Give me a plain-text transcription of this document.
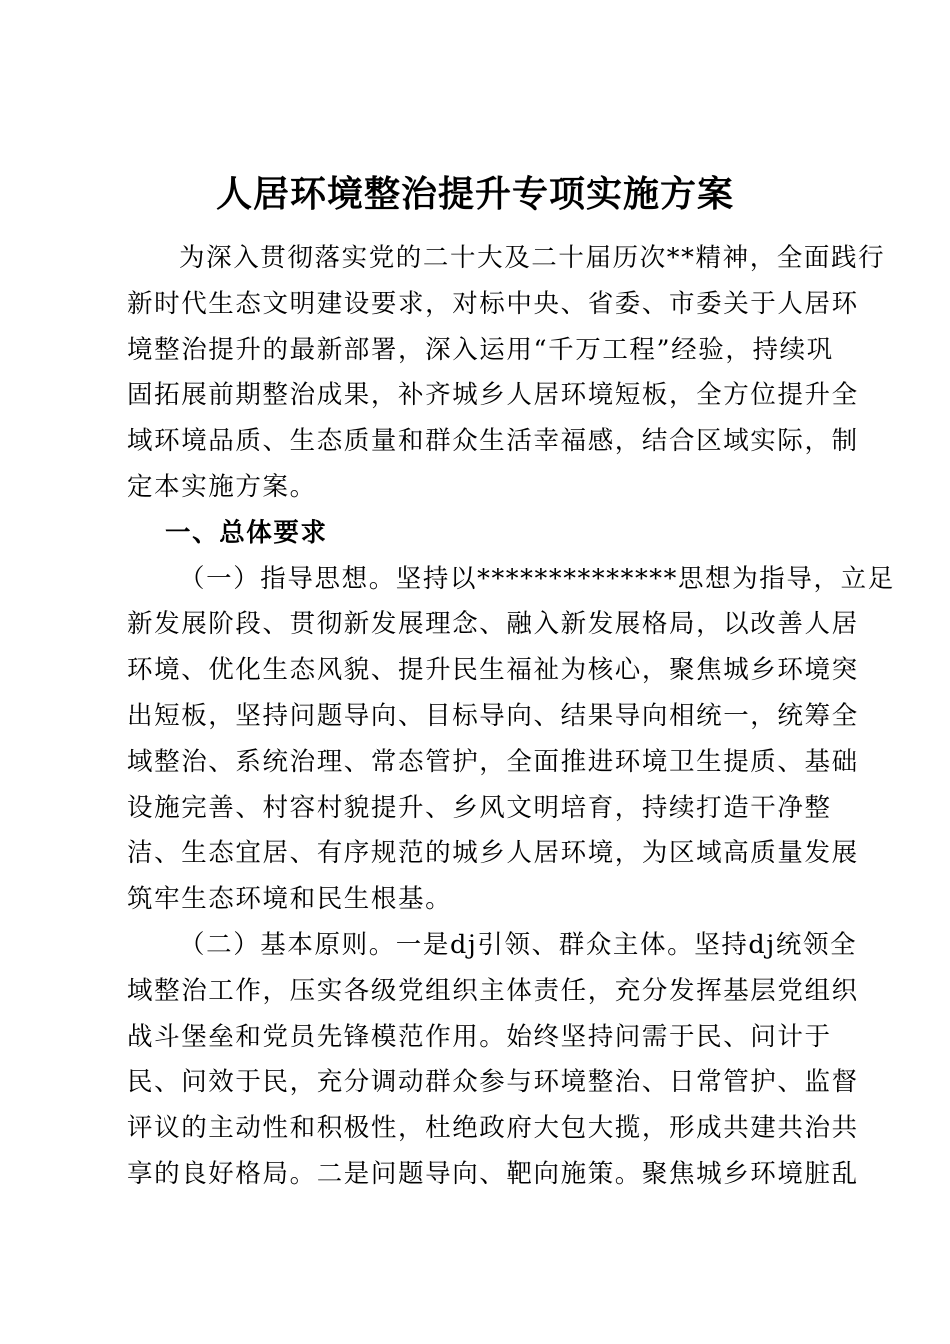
人居环境整治提升专项实施方案
为深入贯彻落实党的二十大及二十届历次**精神，全面践行
新时代生态文明建设要求，对标中央、省委、市委关于人居环
境整治提升的最新部署，深入运用“千万工程”经验，持续巩
固拓展前期整治成果，补齐城乡人居环境短板，全方位提升全
域环境品质、生态质量和群众生活幸福感，结合区域实际，制
定本实施方案。
一、总体要求
（一）指导思想。坚持以**************思想为指导，立足
新发展阶段、贯彻新发展理念、融入新发展格局，以改善人居
环境、优化生态风貌、提升民生福祉为核心，聚焦城乡环境突
出短板，坚持问题导向、目标导向、结果导向相统一，统筹全
域整治、系统治理、常态管护，全面推进环境卫生提质、基础
设施完善、村容村貌提升、乡风文明培育，持续打造干净整
洁、生态宜居、有序规范的城乡人居环境，为区域高质量发展
筑牢生态环境和民生根基。
（二）基本原则。一是dj引领、群众主体。坚持dj统领全
域整治工作，压实各级党组织主体责任，充分发挥基层党组织
战斗堡垒和党员先锋模范作用。始终坚持问需于民、问计于
民、问效于民，充分调动群众参与环境整治、日常管护、监督
评议的主动性和积极性，杜绝政府大包大揽，形成共建共治共
享的良好格局。二是问题导向、靶向施策。聚焦城乡环境脏乱
